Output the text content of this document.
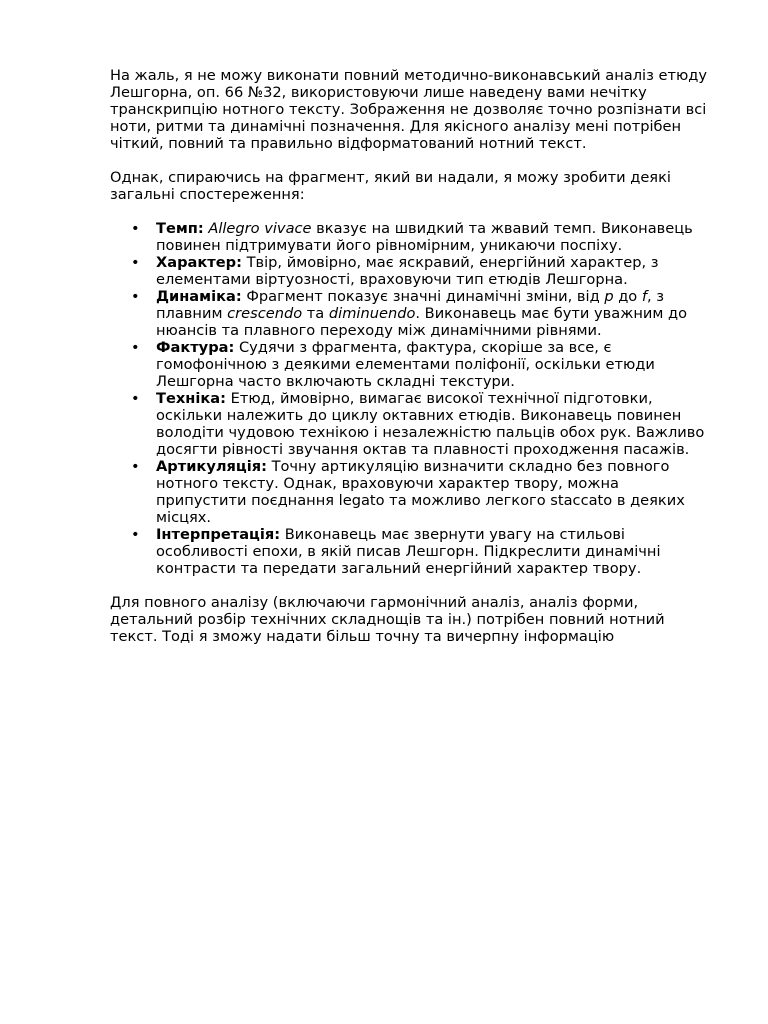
На жаль, я не можу виконати повний методично-виконавський аналіз етюду Лешгорна, оп. 66 №32, використовуючи лише наведену вами нечітку транскрипцію нотного тексту. Зображення не дозволяє точно розпізнати всі ноти, ритми та динамічні позначення. Для якісного аналізу мені потрібен чіткий, повний та правильно відформатований нотний текст.

Однак, спираючись на фрагмент, який ви надали, я можу зробити деякі загальні спостереження:

• Темп: Allegro vivace вказує на швидкий та жвавий темп. Виконавець повинен підтримувати його рівномірним, уникаючи поспіху.
• Характер: Твір, ймовірно, має яскравий, енергійний характер, з елементами віртуозності, враховуючи тип етюдів Лешгорна.
• Динаміка: Фрагмент показує значні динамічні зміни, від p до f, з плавним crescendo та diminuendo. Виконавець має бути уважним до нюансів та плавного переходу між динамічними рівнями.
• Фактура: Судячи з фрагмента, фактура, скоріше за все, є гомофонічною з деякими елементами поліфонії, оскільки етюди Лешгорна часто включають складні текстури.
• Техніка: Етюд, ймовірно, вимагає високої технічної підготовки, оскільки належить до циклу октавних етюдів. Виконавець повинен володіти чудовою технікою і незалежністю пальців обох рук. Важливо досягти рівності звучання октав та плавності проходження пасажів.
• Артикуляція: Точну артикуляцію визначити складно без повного нотного тексту. Однак, враховуючи характер твору, можна припустити поєднання legato та можливо легкого staccato в деяких місцях.
• Інтерпретація: Виконавець має звернути увагу на стильові особливості епохи, в якій писав Лешгорн. Підкреслити динамічні контрасти та передати загальний енергійний характер твору.

Для повного аналізу (включаючи гармонічний аналіз, аналіз форми, детальний розбір технічних складнощів та ін.) потрібен повний нотний текст. Тоді я зможу надати більш точну та вичерпну інформацію
